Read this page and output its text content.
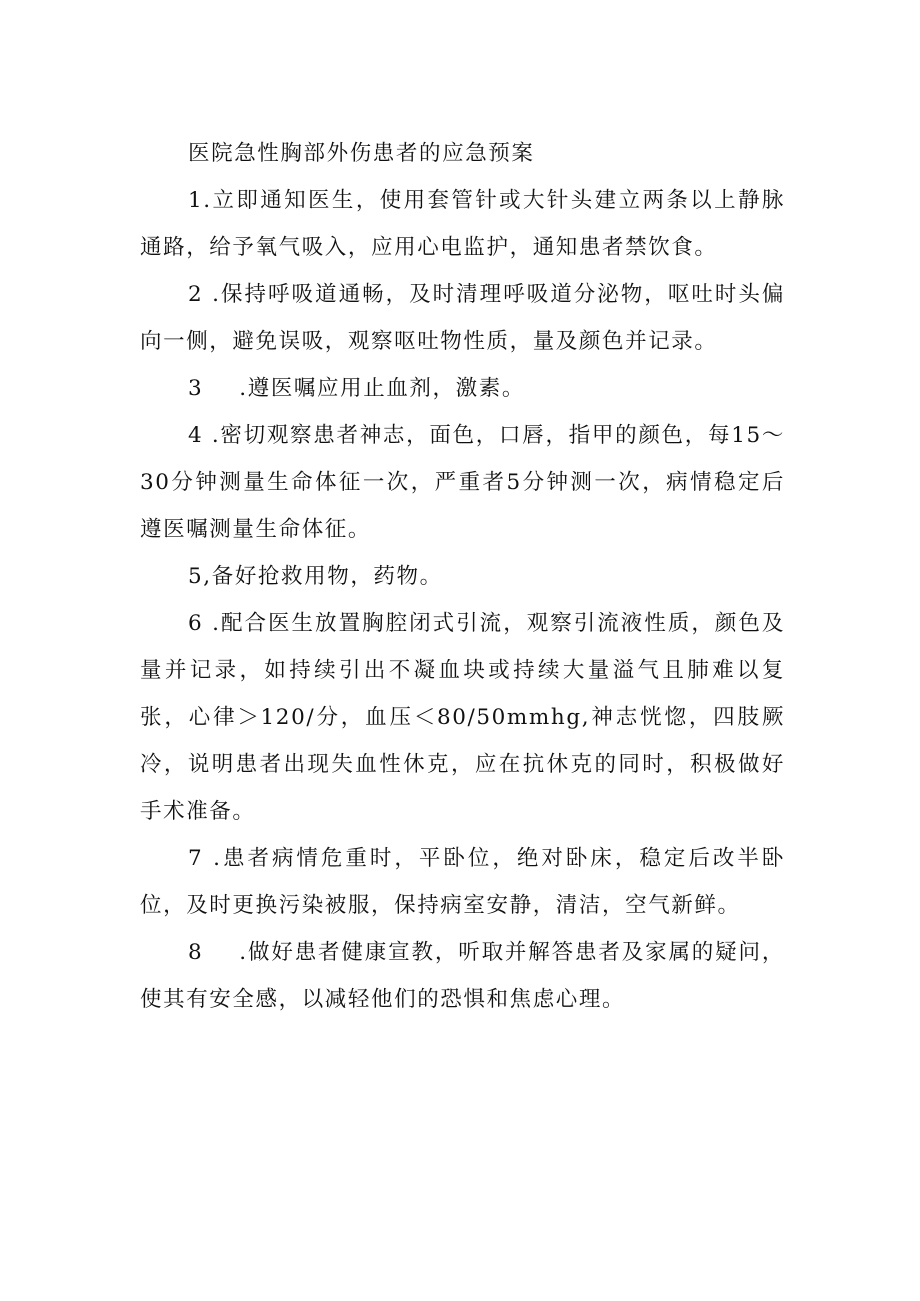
医院急性胸部外伤患者的应急预案

1.立即通知医生，使用套管针或大针头建立两条以上静脉通路，给予氧气吸入，应用心电监护，通知患者禁饮食。

2 .保持呼吸道通畅，及时清理呼吸道分泌物，呕吐时头偏向一侧，避免误吸，观察呕吐物性质，量及颜色并记录。

3 .遵医嘱应用止血剂，激素。

4 .密切观察患者神志，面色，口唇，指甲的颜色，每15～30分钟测量生命体征一次，严重者5分钟测一次，病情稳定后遵医嘱测量生命体征。

5,备好抢救用物，药物。

6 .配合医生放置胸腔闭式引流，观察引流液性质，颜色及量并记录，如持续引出不凝血块或持续大量溢气且肺难以复张，心律＞120/分，血压＜80/50mmhg,神志恍惚，四肢厥冷，说明患者出现失血性休克，应在抗休克的同时，积极做好手术准备。

7 .患者病情危重时，平卧位，绝对卧床，稳定后改半卧位，及时更换污染被服，保持病室安静，清洁，空气新鲜。

8 .做好患者健康宣教，听取并解答患者及家属的疑问，使其有安全感，以减轻他们的恐惧和焦虑心理。
